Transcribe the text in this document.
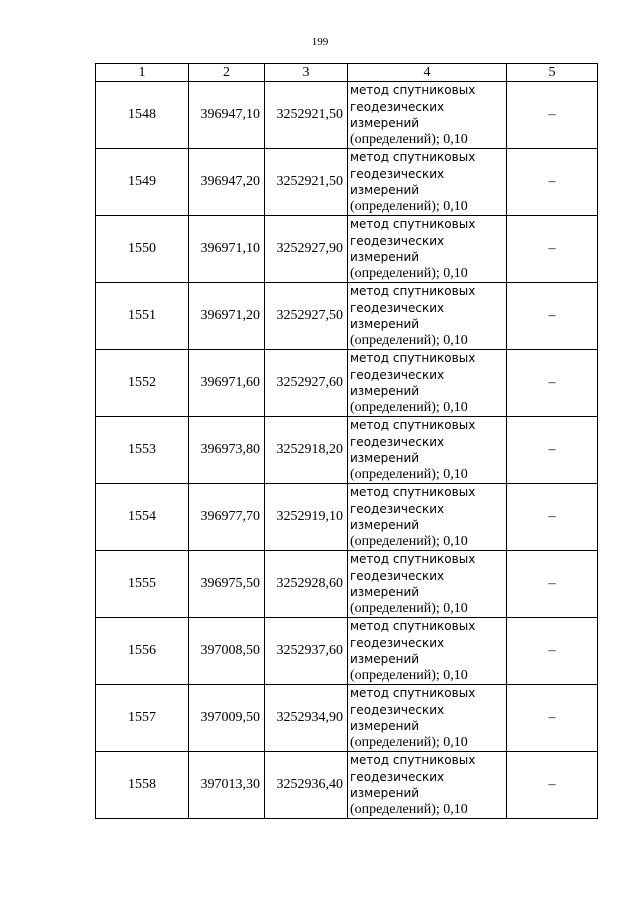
199
1	2	3	4	5
1548	396947,10	3252921,50	метод спутниковых
геодезических
измерений
(определений); 0,10	–
1549	396947,20	3252921,50	метод спутниковых
геодезических
измерений
(определений); 0,10	–
1550	396971,10	3252927,90	метод спутниковых
геодезических
измерений
(определений); 0,10	–
1551	396971,20	3252927,50	метод спутниковых
геодезических
измерений
(определений); 0,10	–
1552	396971,60	3252927,60	метод спутниковых
геодезических
измерений
(определений); 0,10	–
1553	396973,80	3252918,20	метод спутниковых
геодезических
измерений
(определений); 0,10	–
1554	396977,70	3252919,10	метод спутниковых
геодезических
измерений
(определений); 0,10	–
1555	396975,50	3252928,60	метод спутниковых
геодезических
измерений
(определений); 0,10	–
1556	397008,50	3252937,60	метод спутниковых
геодезических
измерений
(определений); 0,10	–
1557	397009,50	3252934,90	метод спутниковых
геодезических
измерений
(определений); 0,10	–
1558	397013,30	3252936,40	метод спутниковых
геодезических
измерений
(определений); 0,10	–
